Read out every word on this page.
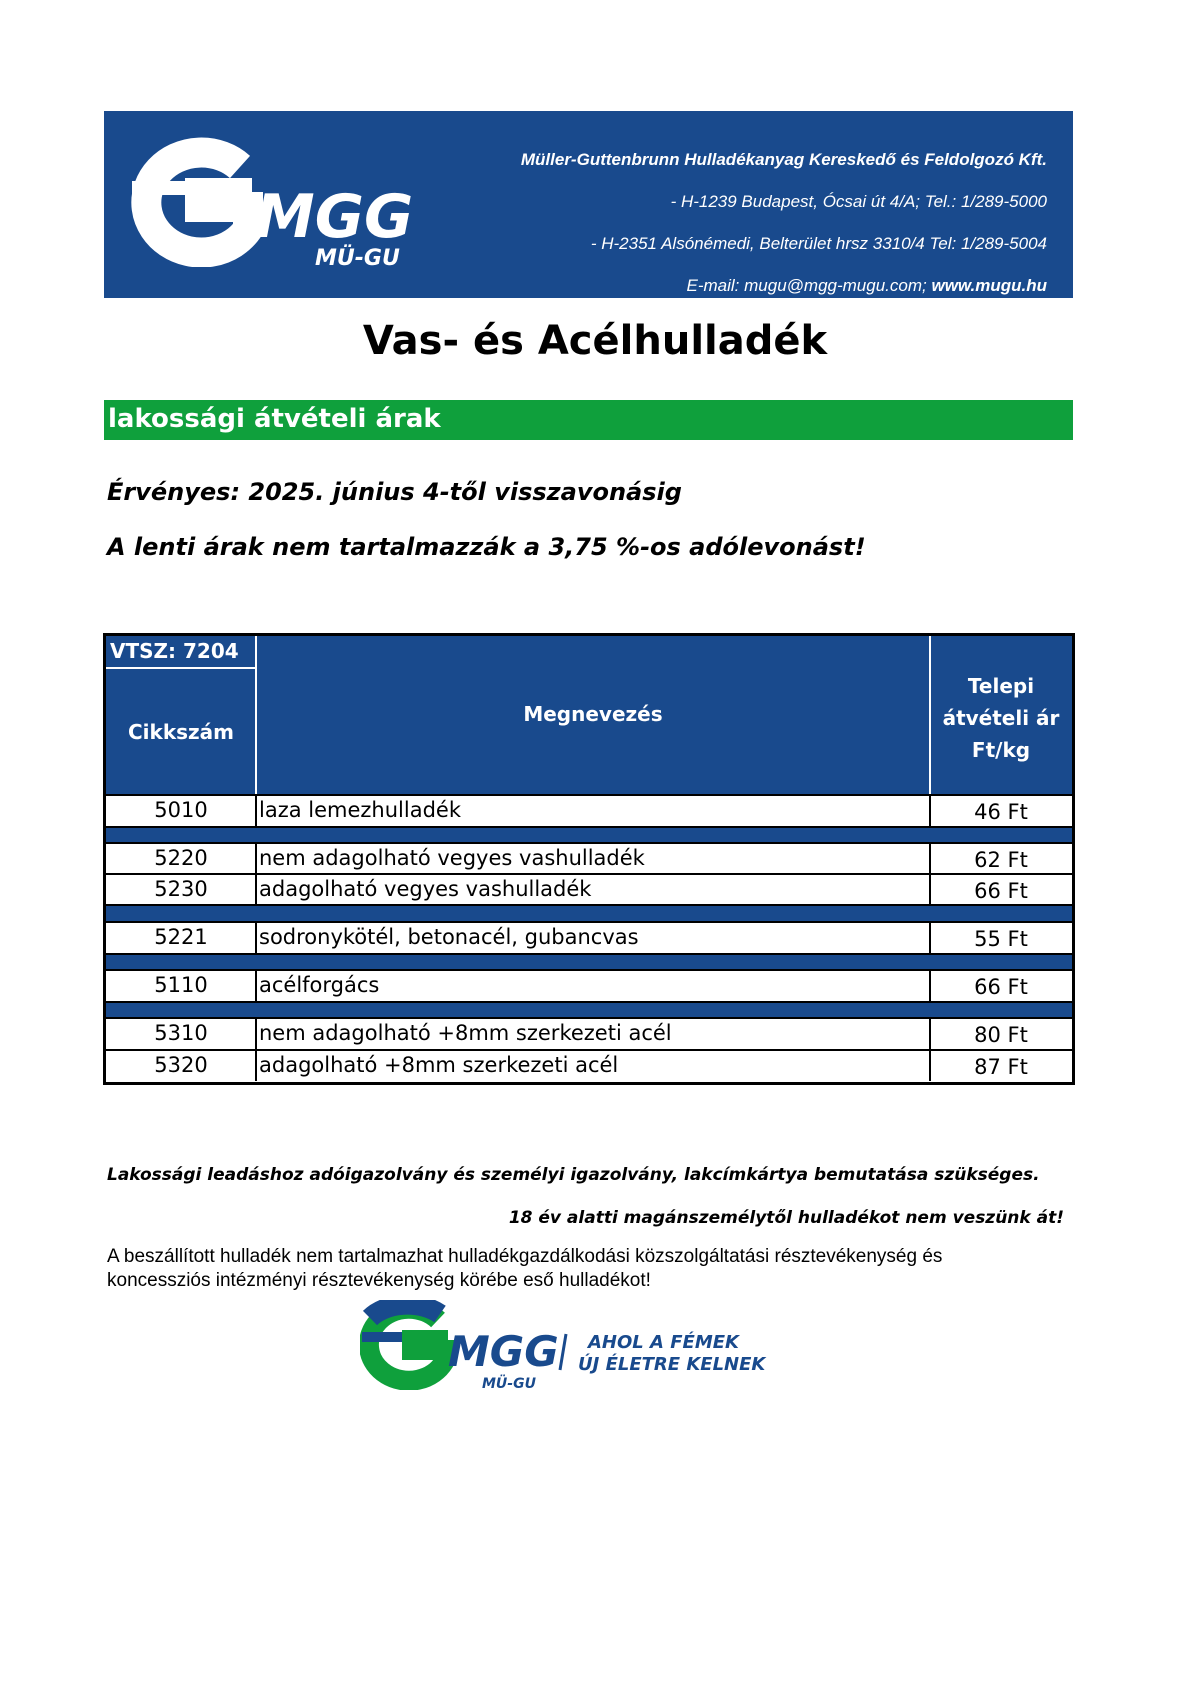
MGG
MÜ-GU
Müller-Guttenbrunn Hulladékanyag Kereskedő és Feldolgozó Kft.
- H-1239 Budapest, Ócsai út 4/A; Tel.: 1/289-5000
- H-2351 Alsónémedi, Belterület hrsz 3310/4 Tel: 1/289-5004
E-mail: mugu@mgg-mugu.com; www.mugu.hu
Vas- és Acélhulladék
lakossági átvételi árak
Érvényes: 2025. június 4-től visszavonásig
A lenti árak nem tartalmazzák a 3,75 %-os adólevonást!
VTSZ: 7204
Cikkszám
Megnevezés
Telepi
átvételi ár
Ft/kg
5010	laza lemezhulladék	46 Ft
5220	nem adagolható vegyes vashulladék	62 Ft
5230	adagolható vegyes vashulladék	66 Ft
5221	sodronykötél, betonacél, gubancvas	55 Ft
5110	acélforgács	66 Ft
5310	nem adagolható +8mm szerkezeti acél	80 Ft
5320	adagolható +8mm szerkezeti acél	87 Ft
Lakossági leadáshoz adóigazolvány és személyi igazolvány, lakcímkártya bemutatása szükséges.
18 év alatti magánszemélytől hulladékot nem veszünk át!
A beszállított hulladék nem tartalmazhat hulladékgazdálkodási közszolgáltatási résztevékenység és koncessziós intézményi résztevékenység körébe eső hulladékot!
MGG
MÜ-GU
AHOL A FÉMEK
ÚJ ÉLETRE KELNEK
